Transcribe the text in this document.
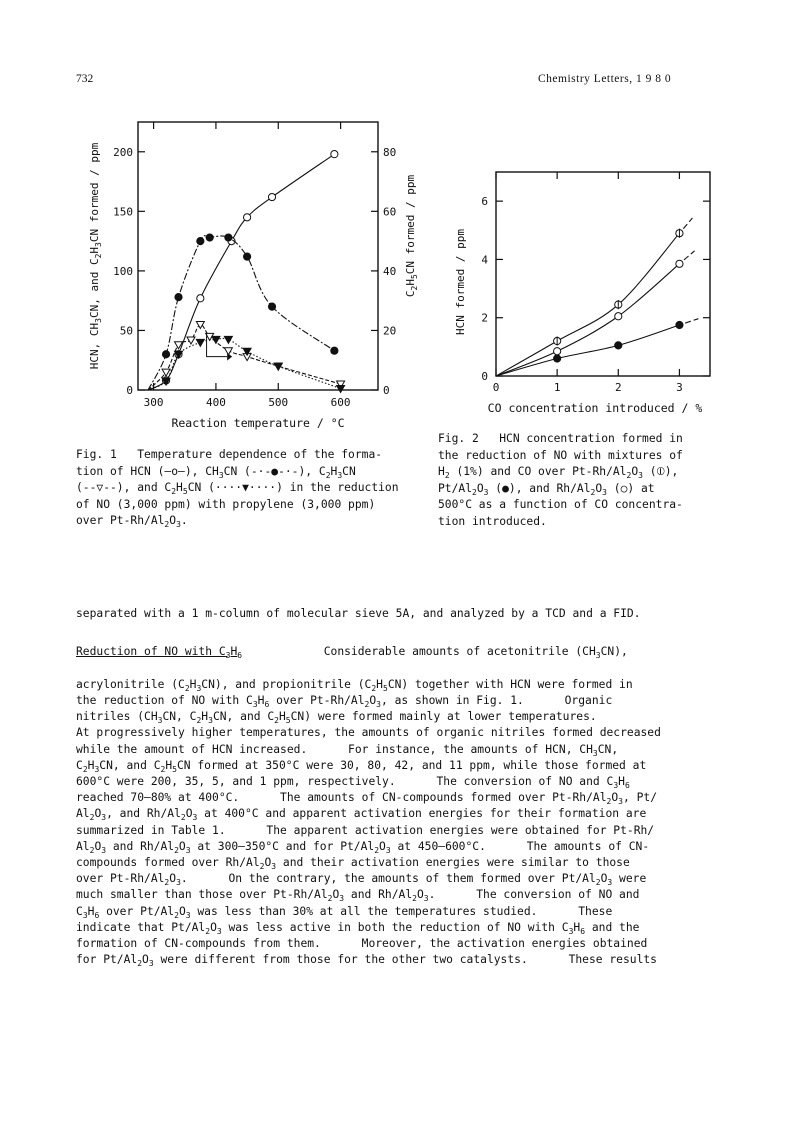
732	Chemistry Letters, 1 9 8 0
0
50
100
150
200
0
20
40
60
80
300	400	500	600
Reaction temperature / °C
HCN, $CH_3CN$, and $C_2H_3CN$ formed / ppm
$C_2H_5CN$ formed / ppm
Fig. 1   Temperature dependence of the forma-
tion of HCN (—o—), $CH_3CN$ (-·-●-·-), $C_2H_3CN$
(--▽--), and $C_2H_5CN$ (····▼····) in the reduction
of NO (3,000 ppm) with propylene (3,000 ppm)
over $Pt-Rh/Al_2O_3$.
0
2
4
6
0	1	2	3
CO concentration introduced / %
HCN formed / ppm
Fig. 2   HCN concentration formed in
the reduction of NO with mixtures of
$H_2$ (1%) and CO over $Pt-Rh/Al_2O_3$ (⦶),
$Pt/Al_2O_3$ (●), and $Rh/Al_2O_3$ (○) at
500°C as a function of CO concentra-
tion introduced.

separated with a 1 m-column of molecular sieve 5A, and analyzed by a TCD and a FID.

Reduction of NO with $C_3H_6$            Considerable amounts of acetonitrile $(CH_3CN)$,

acrylonitrile $(C_2H_3CN)$, and propionitrile $(C_2H_5CN)$ together with HCN were formed in

the reduction of NO with $C_3H_6$ over $Pt-Rh/Al_2O_3$, as shown in Fig. 1.      Organic

nitriles ($CH_3CN$, $C_2H_3CN$, and $C_2H_5CN$) were formed mainly at lower temperatures.

At progressively higher temperatures, the amounts of organic nitriles formed decreased

while the amount of HCN increased.      For instance, the amounts of HCN, $CH_3CN$,

$C_2H_3CN$, and $C_2H_5CN$ formed at 350°C were 30, 80, 42, and 11 ppm, while those formed at

600°C were 200, 35, 5, and 1 ppm, respectively.      The conversion of NO and $C_3H_6$

reached 70–80% at 400°C.      The amounts of CN-compounds formed over $Pt-Rh/Al_2O_3$, Pt/

$Al_2O_3$, and $Rh/Al_2O_3$ at 400°C and apparent activation energies for their formation are

summarized in Table 1.      The apparent activation energies were obtained for Pt-Rh/

$Al_2O_3$ and $Rh/Al_2O_3$ at 300–350°C and for $Pt/Al_2O_3$ at 450–600°C.      The amounts of CN-

compounds formed over $Rh/Al_2O_3$ and their activation energies were similar to those

over $Pt-Rh/Al_2O_3$.      On the contrary, the amounts of them formed over $Pt/Al_2O_3$ were

much smaller than those over $Pt-Rh/Al_2O_3$ and $Rh/Al_2O_3$.      The conversion of NO and

$C_3H_6$ over $Pt/Al_2O_3$ was less than 30% at all the temperatures studied.      These

indicate that $Pt/Al_2O_3$ was less active in both the reduction of NO with $C_3H_6$ and the

formation of CN-compounds from them.      Moreover, the activation energies obtained

for $Pt/Al_2O_3$ were different from those for the other two catalysts.      These results
